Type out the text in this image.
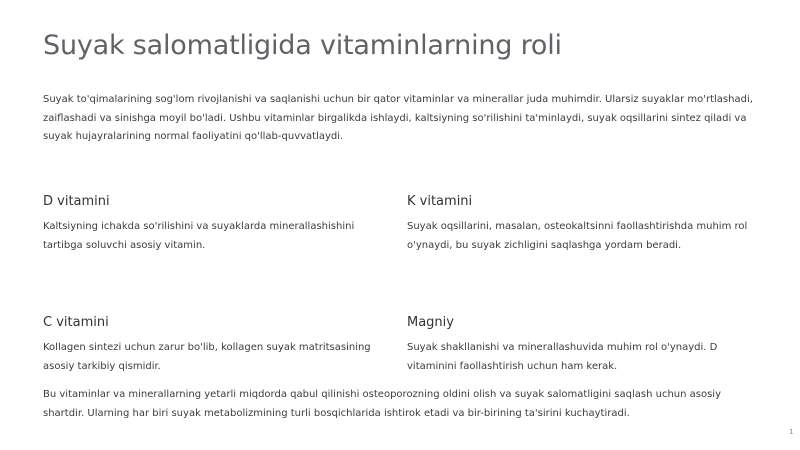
Suyak salomatligida vitaminlarning roli

Suyak to'qimalarining sog'lom rivojlanishi va saqlanishi uchun bir qator vitaminlar va minerallar juda muhimdir. Ularsiz suyaklar mo'rtlashadi, zaiflashadi va sinishga moyil bo'ladi. Ushbu vitaminlar birgalikda ishlaydi, kaltsiyning so'rilishini ta'minlaydi, suyak oqsillarini sintez qiladi va suyak hujayralarining normal faoliyatini qo'llab-quvvatlaydi.

D vitamini

Kaltsiyning ichakda so'rilishini va suyaklarda minerallashishini tartibga soluvchi asosiy vitamin.

K vitamini

Suyak oqsillarini, masalan, osteokaltsinni faollashtirishda muhim rol o'ynaydi, bu suyak zichligini saqlashga yordam beradi.

C vitamini

Kollagen sintezi uchun zarur bo'lib, kollagen suyak matritsasining asosiy tarkibiy qismidir.

Magniy

Suyak shakllanishi va minerallashuvida muhim rol o'ynaydi. D vitaminini faollashtirish uchun ham kerak.

Bu vitaminlar va minerallarning yetarli miqdorda qabul qilinishi osteoporozning oldini olish va suyak salomatligini saqlash uchun asosiy shartdir. Ularning har biri suyak metabolizmining turli bosqichlarida ishtirok etadi va bir-birining ta'sirini kuchaytiradi.

1
